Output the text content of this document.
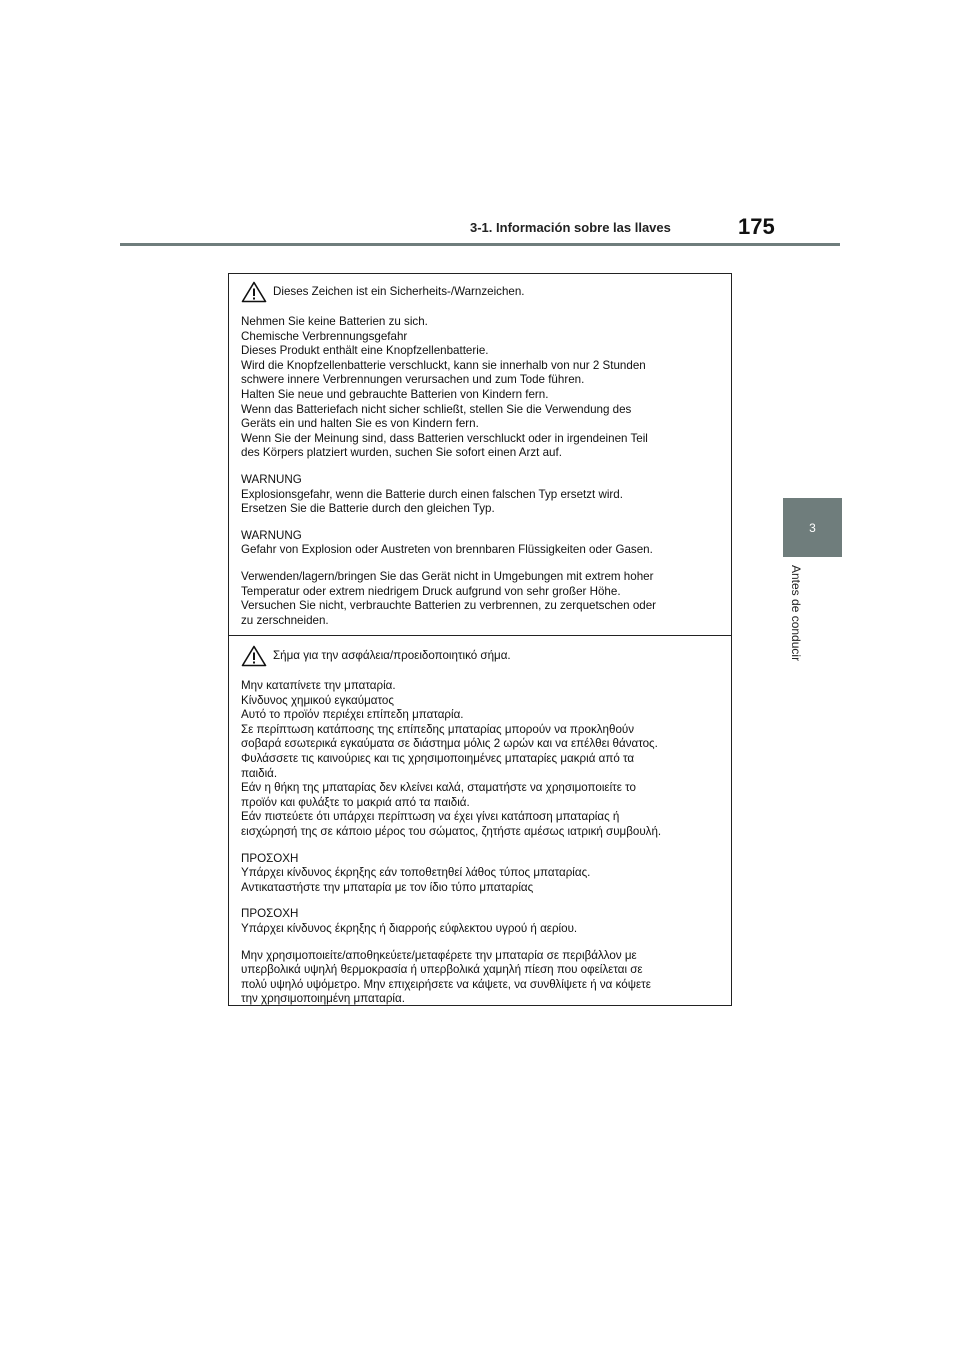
3-1. Información sobre las llaves	175
3
Antes de conducir
Dieses Zeichen ist ein Sicherheits-/Warnzeichen.
Nehmen Sie keine Batterien zu sich.
Chemische Verbrennungsgefahr
Dieses Produkt enthält eine Knopfzellenbatterie.
Wird die Knopfzellenbatterie verschluckt, kann sie innerhalb von nur 2 Stunden
schwere innere Verbrennungen verursachen und zum Tode führen.
Halten Sie neue und gebrauchte Batterien von Kindern fern.
Wenn das Batteriefach nicht sicher schließt, stellen Sie die Verwendung des
Geräts ein und halten Sie es von Kindern fern.
Wenn Sie der Meinung sind, dass Batterien verschluckt oder in irgendeinen Teil
des Körpers platziert wurden, suchen Sie sofort einen Arzt auf.
WARNUNG
Explosionsgefahr, wenn die Batterie durch einen falschen Typ ersetzt wird.
Ersetzen Sie die Batterie durch den gleichen Typ.
WARNUNG
Gefahr von Explosion oder Austreten von brennbaren Flüssigkeiten oder Gasen.
Verwenden/lagern/bringen Sie das Gerät nicht in Umgebungen mit extrem hoher
Temperatur oder extrem niedrigem Druck aufgrund von sehr großer Höhe.
Versuchen Sie nicht, verbrauchte Batterien zu verbrennen, zu zerquetschen oder
zu zerschneiden.
Σήμα για την ασφάλεια/προειδοποιητικό σήμα.
Μην καταπίνετε την μπαταρία.
Κίνδυνος χημικού εγκαύματος
Αυτό το προϊόν περιέχει επίπεδη μπαταρία.
Σε περίπτωση κατάποσης της επίπεδης μπαταρίας μπορούν να προκληθούν
σοβαρά εσωτερικά εγκαύματα σε διάστημα μόλις 2 ωρών και να επέλθει θάνατος.
Φυλάσσετε τις καινούριες και τις χρησιμοποιημένες μπαταρίες μακριά από τα
παιδιά.
Εάν η θήκη της μπαταρίας δεν κλείνει καλά, σταματήστε να χρησιμοποιείτε το
προϊόν και φυλάξτε το μακριά από τα παιδιά.
Εάν πιστεύετε ότι υπάρχει περίπτωση να έχει γίνει κατάποση μπαταρίας ή
εισχώρησή της σε κάποιο μέρος του σώματος, ζητήστε αμέσως ιατρική συμβουλή.
ΠΡΟΣΟΧΗ
Υπάρχει κίνδυνος έκρηξης εάν τοποθετηθεί λάθος τύπος μπαταρίας.
Αντικαταστήστε την μπαταρία με τον ίδιο τύπο μπαταρίας
ΠΡΟΣΟΧΗ
Υπάρχει κίνδυνος έκρηξης ή διαρροής εύφλεκτου υγρού ή αερίου.
Μην χρησιμοποιείτε/αποθηκεύετε/μεταφέρετε την μπαταρία σε περιβάλλον με
υπερβολικά υψηλή θερμοκρασία ή υπερβολικά χαμηλή πίεση που οφείλεται σε
πολύ υψηλό υψόμετρο. Μην επιχειρήσετε να κάψετε, να συνθλίψετε ή να κόψετε
την χρησιμοποιημένη μπαταρία.
